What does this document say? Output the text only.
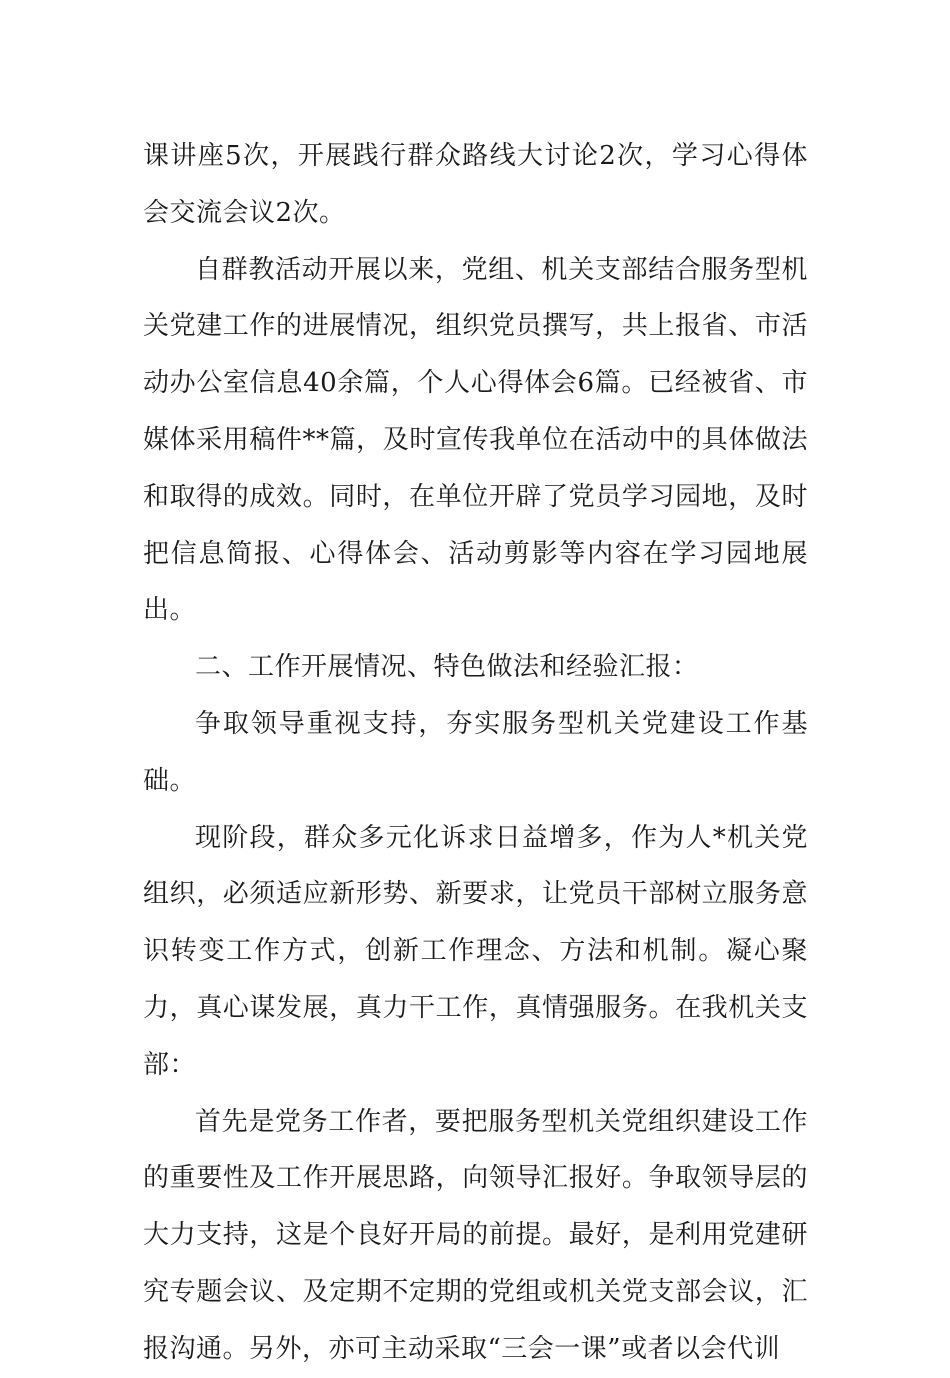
课讲座5次，开展践行群众路线大讨论2次，学习心得体会交流会议2次。

自群教活动开展以来，党组、机关支部结合服务型机关党建工作的进展情况，组织党员撰写，共上报省、市活动办公室信息40余篇，个人心得体会6篇。已经被省、市媒体采用稿件**篇，及时宣传我单位在活动中的具体做法和取得的成效。同时，在单位开辟了党员学习园地，及时把信息简报、心得体会、活动剪影等内容在学习园地展出。

二、工作开展情况、特色做法和经验汇报：

争取领导重视支持，夯实服务型机关党建设工作基础。

现阶段，群众多元化诉求日益增多，作为人*机关党组织，必须适应新形势、新要求，让党员干部树立服务意识转变工作方式，创新工作理念、方法和机制。凝心聚力，真心谋发展，真力干工作，真情强服务。在我机关支部：

首先是党务工作者，要把服务型机关党组织建设工作的重要性及工作开展思路，向领导汇报好。争取领导层的大力支持，这是个良好开局的前提。最好，是利用党建研究专题会议、及定期不定期的党组或机关党支部会议，汇报沟通。另外，亦可主动采取“三会一课”或者以会代训
